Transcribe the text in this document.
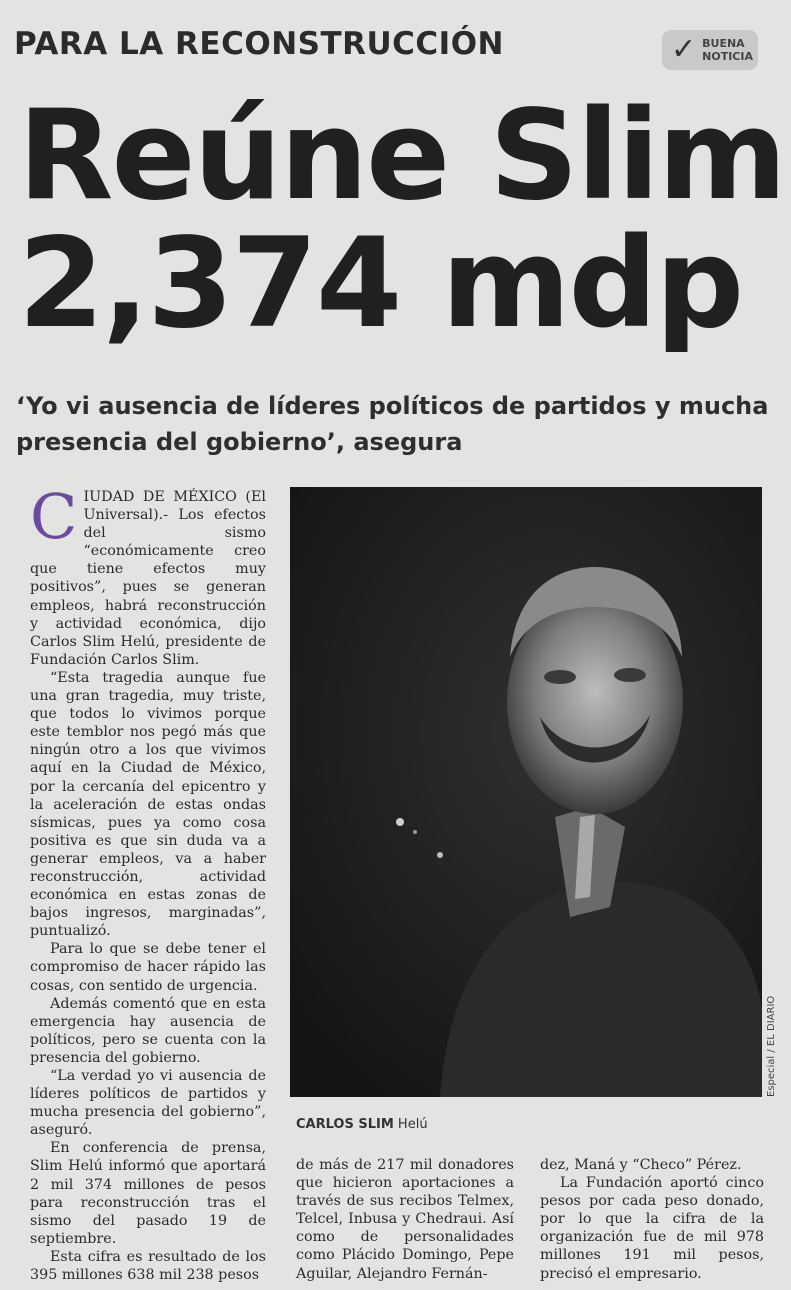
PARA LA RECONSTRUCCIÓN	✓ BUENA
NOTICIA
Reúne Slim
2,374 mdp
‘Yo vi ausencia de líderes políticos de partidos y mucha presencia del gobierno’, asegura

CIUDAD DE MÉXICO (El Universal).- Los efectos del sismo “económicamente creo que tiene efectos muy positivos”, pues se generan empleos, habrá reconstrucción y actividad económica, dijo Carlos Slim Helú, presidente de Fundación Carlos Slim.

“Esta tragedia aunque fue una gran tragedia, muy triste, que todos lo vivimos porque este temblor nos pegó más que ningún otro a los que vivimos aquí en la Ciudad de México, por la cercanía del epicentro y la aceleración de estas ondas sísmicas, pues ya como cosa positiva es que sin duda va a generar empleos, va a haber reconstrucción, actividad económica en estas zonas de bajos ingresos, marginadas”, puntualizó.

Para lo que se debe tener el compromiso de hacer rápido las cosas, con sentido de urgencia.

Además comentó que en esta emergencia hay ausencia de políticos, pero se cuenta con la presencia del gobierno.

“La verdad yo vi ausencia de líderes políticos de partidos y mucha presencia del gobierno”, aseguró.

En conferencia de prensa, Slim Helú informó que aportará 2 mil 374 millones de pesos para reconstrucción tras el sismo del pasado 19 de septiembre.

Esta cifra es resultado de los 395 millones 638 mil 238 pesos

Especial / EL DIARIO
CARLOS SLIM Helú

de más de 217 mil donadores que hicieron aportaciones a través de sus recibos Telmex, Telcel, Inbusa y Chedraui. Así como de personalidades como Plácido Domingo, Pepe Aguilar, Alejandro Fernán-

dez, Maná y “Checo” Pérez.

La Fundación aportó cinco pesos por cada peso donado, por lo que la cifra de la organización fue de mil 978 millones 191 mil pesos, precisó el empresario.
